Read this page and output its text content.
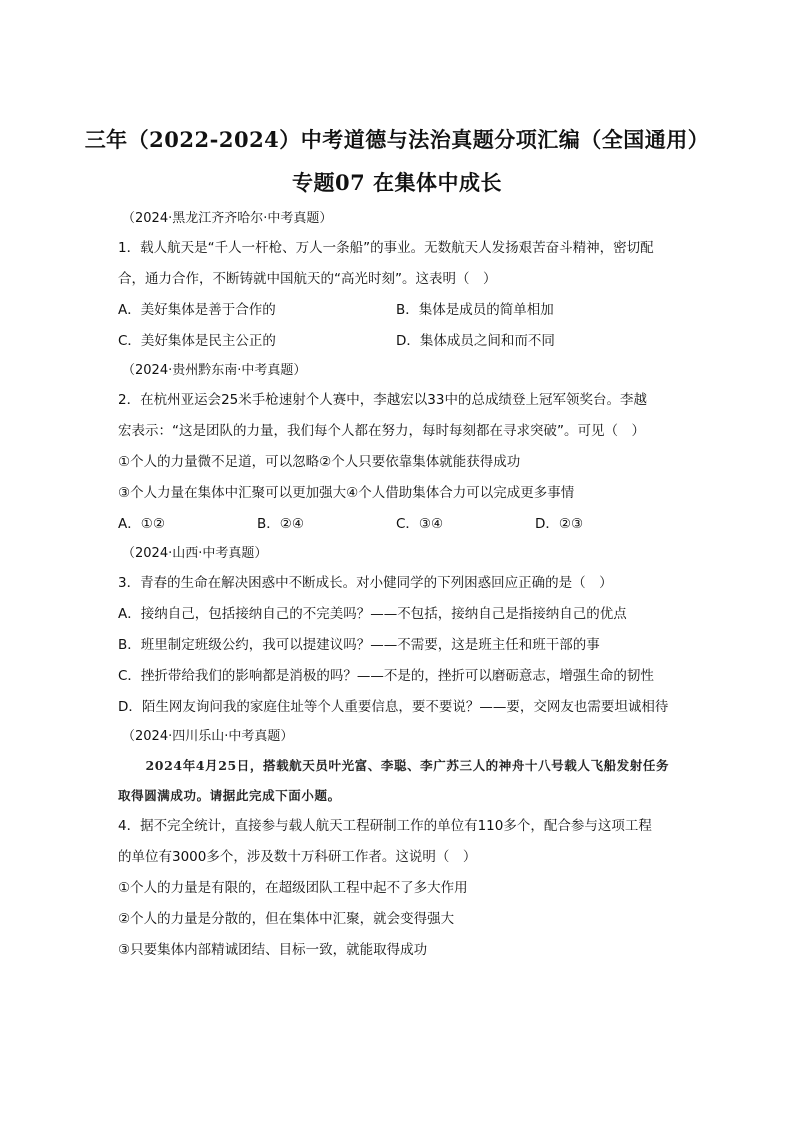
三年（2022-2024）中考道德与法治真题分项汇编（全国通用）
专题07 在集体中成长
（2024·黑龙江齐齐哈尔·中考真题）
1．载人航天是“千人一杆枪、万人一条船”的事业。无数航天人发扬艰苦奋斗精神，密切配
合，通力合作，不断铸就中国航天的“高光时刻”。这表明（　）
A．美好集体是善于合作的	B．集体是成员的简单相加
C．美好集体是民主公正的	D．集体成员之间和而不同
（2024·贵州黔东南·中考真题）
2．在杭州亚运会25米手枪速射个人赛中，李越宏以33中的总成绩登上冠军领奖台。李越
宏表示：“这是团队的力量，我们每个人都在努力，每时每刻都在寻求突破”。可见（　）
①个人的力量微不足道，可以忽略②个人只要依靠集体就能获得成功
③个人力量在集体中汇聚可以更加强大④个人借助集体合力可以完成更多事情
A．①②	B．②④	C．③④	D．②③
（2024·山西·中考真题）
3．青春的生命在解决困惑中不断成长。对小健同学的下列困惑回应正确的是（　）
A．接纳自己，包括接纳自己的不完美吗？——不包括，接纳自己是指接纳自己的优点
B．班里制定班级公约，我可以提建议吗？——不需要，这是班主任和班干部的事
C．挫折带给我们的影响都是消极的吗？——不是的，挫折可以磨砺意志，增强生命的韧性
D．陌生网友询问我的家庭住址等个人重要信息，要不要说？——要，交网友也需要坦诚相待
（2024·四川乐山·中考真题）
2024年4月25日，搭载航天员叶光富、李聪、李广苏三人的神舟十八号载人飞船发射任务取得圆满成功。请据此完成下面小题。
4．据不完全统计，直接参与载人航天工程研制工作的单位有110多个，配合参与这项工程
的单位有3000多个，涉及数十万科研工作者。这说明（　）
①个人的力量是有限的，在超级团队工程中起不了多大作用
②个人的力量是分散的，但在集体中汇聚，就会变得强大
③只要集体内部精诚团结、目标一致，就能取得成功
